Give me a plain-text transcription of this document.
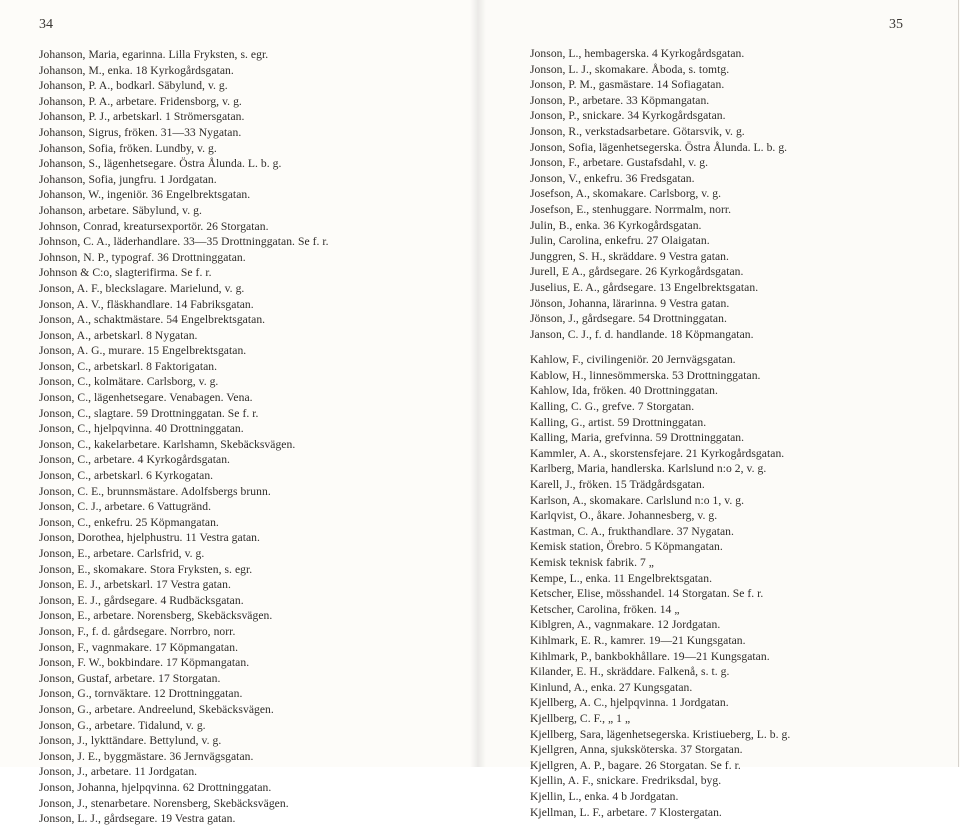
34
Johanson, Maria, egarinna. Lilla Fryksten, s. egr.
Johanson, M., enka. 18 Kyrkogårdsgatan.
Johanson, P. A., bodkarl. Säbylund, v. g.
Johanson, P. A., arbetare. Fridensborg, v. g.
Johanson, P. J., arbetskarl. 1 Strömersgatan.
Johanson, Sigrus, fröken. 31—33 Nygatan.
Johanson, Sofia, fröken. Lundby, v. g.
Johanson, S., lägenhetsegare. Östra Ålunda. L. b. g.
Johanson, Sofia, jungfru. 1 Jordgatan.
Johanson, W., ingeniör. 36 Engelbrektsgatan.
Johanson, arbetare. Säbylund, v. g.
Johnson, Conrad, kreatursexportör. 26 Storgatan.
Johnson, C. A., läderhandlare. 33—35 Drottninggatan. Se f. r.
Johnson, N. P., typograf. 36 Drottninggatan.
Johnson & C:o, slagterifirma. Se f. r.
Jonson, A. F., bleckslagare. Marielund, v. g.
Jonson, A. V., fläskhandlare. 14 Fabriksgatan.
Jonson, A., schaktmästare. 54 Engelbrektsgatan.
Jonson, A., arbetskarl. 8 Nygatan.
Jonson, A. G., murare. 15 Engelbrektsgatan.
Jonson, C., arbetskarl. 8 Faktorigatan.
Jonson, C., kolmätare. Carlsborg, v. g.
Jonson, C., lägenhetsegare. Venabagen. Vena.
Jonson, C., slagtare. 59 Drottninggatan. Se f. r.
Jonson, C., hjelpqvinna. 40 Drottninggatan.
Jonson, C., kakelarbetare. Karlshamn, Skebäcksvägen.
Jonson, C., arbetare. 4 Kyrkogårdsgatan.
Jonson, C., arbetskarl. 6 Kyrkogatan.
Jonson, C. E., brunnsmästare. Adolfsbergs brunn.
Jonson, C. J., arbetare. 6 Vattugränd.
Jonson, C., enkefru. 25 Köpmangatan.
Jonson, Dorothea, hjelphustru. 11 Vestra gatan.
Jonson, E., arbetare. Carlsfrid, v. g.
Jonson, E., skomakare. Stora Fryksten, s. egr.
Jonson, E. J., arbetskarl. 17 Vestra gatan.
Jonson, E. J., gårdsegare. 4 Rudbäcksgatan.
Jonson, E., arbetare. Norensberg, Skebäcksvägen.
Jonson, F., f. d. gårdsegare. Norrbro, norr.
Jonson, F., vagnmakare. 17 Köpmangatan.
Jonson, F. W., bokbindare. 17 Köpmangatan.
Jonson, Gustaf, arbetare. 17 Storgatan.
Jonson, G., tornväktare. 12 Drottninggatan.
Jonson, G., arbetare. Andreelund, Skebäcksvägen.
Jonson, G., arbetare. Tidalund, v. g.
Jonson, J., lykttändare. Bettylund, v. g.
Jonson, J. E., byggmästare. 36 Jernvägsgatan.
Jonson, J., arbetare. 11 Jordgatan.
Jonson, Johanna, hjelpqvinna. 62 Drottninggatan.
Jonson, J., stenarbetare. Norensberg, Skebäcksvägen.
Jonson, L. J., gårdsegare. 19 Vestra gatan.
35
Jonson, L., hembagerska. 4 Kyrkogårdsgatan.
Jonson, L. J., skomakare. Åboda, s. tomtg.
Jonson, P. M., gasmästare. 14 Sofiagatan.
Jonson, P., arbetare. 33 Köpmangatan.
Jonson, P., snickare. 34 Kyrkogårdsgatan.
Jonson, R., verkstadsarbetare. Götarsvik, v. g.
Jonson, Sofia, lägenhetsegerska. Östra Ålunda. L. b. g.
Jonson, F., arbetare. Gustafsdahl, v. g.
Jonson, V., enkefru. 36 Fredsgatan.
Josefson, A., skomakare. Carlsborg, v. g.
Josefson, E., stenhuggare. Norrmalm, norr.
Julin, B., enka. 36 Kyrkogårdsgatan.
Julin, Carolina, enkefru. 27 Olaigatan.
Junggren, S. H., skräddare. 9 Vestra gatan.
Jurell, E A., gårdsegare. 26 Kyrkogårdsgatan.
Juselius, E. A., gårdsegare. 13 Engelbrektsgatan.
Jönson, Johanna, lärarinna. 9 Vestra gatan.
Jönson, J., gårdsegare. 54 Drottninggatan.
Janson, C. J., f. d. handlande. 18 Köpmangatan.
Kahlow, F., civilingeniör. 20 Jernvägsgatan.
Kablow, H., linnesömmerska. 53 Drottninggatan.
Kahlow, Ida, fröken. 40 Drottninggatan.
Kalling, C. G., grefve. 7 Storgatan.
Kalling, G., artist. 59 Drottninggatan.
Kalling, Maria, grefvinna. 59 Drottninggatan.
Kammler, A. A., skorstensfejare. 21 Kyrkogårdsgatan.
Karlberg, Maria, handlerska. Karlslund n:o 2, v. g.
Karell, J., fröken. 15 Trädgårdsgatan.
Karlson, A., skomakare. Carlslund n:o 1, v. g.
Karlqvist, O., åkare. Johannesberg, v. g.
Kastman, C. A., frukthandlare. 37 Nygatan.
Kemisk station, Örebro. 5 Köpmangatan.
Kemisk teknisk fabrik. 7 „
Kempe, L., enka. 11 Engelbrektsgatan.
Ketscher, Elise, mösshandel. 14 Storgatan. Se f. r.
Ketscher, Carolina, fröken. 14 „
Kiblgren, A., vagnmakare. 12 Jordgatan.
Kihlmark, E. R., kamrer. 19—21 Kungsgatan.
Kihlmark, P., bankbokhållare. 19—21 Kungsgatan.
Kilander, E. H., skräddare. Falkenå, s. t. g.
Kinlund, A., enka. 27 Kungsgatan.
Kjellberg, A. C., hjelpqvinna. 1 Jordgatan.
Kjellberg, C. F., „ 1 „
Kjellberg, Sara, lägenhetsegerska. Kristiueberg, L. b. g.
Kjellgren, Anna, sjuksköterska. 37 Storgatan.
Kjellgren, A. P., bagare. 26 Storgatan. Se f. r.
Kjellin, A. F., snickare. Fredriksdal, byg.
Kjellin, L., enka. 4 b Jordgatan.
Kjellman, L. F., arbetare. 7 Klostergatan.
